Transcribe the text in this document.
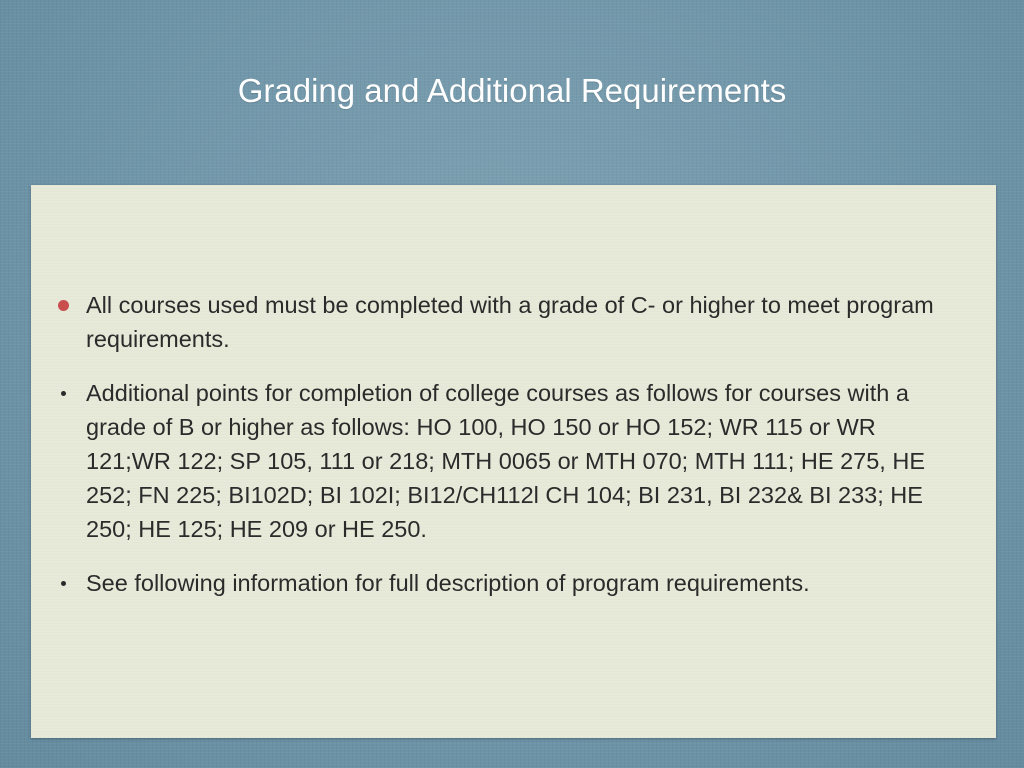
Grading and Additional Requirements
All courses used must be completed with a grade of C- or higher to meet program requirements.
Additional points for completion of college courses as follows for courses with a grade of B or higher as follows: HO 100, HO 150 or HO 152; WR 115 or WR 121;WR 122; SP 105, 111 or 218; MTH 0065 or MTH 070; MTH 111; HE 275, HE 252; FN 225; BI102D; BI 102I; BI12/CH112l CH 104; BI 231, BI 232& BI 233; HE 250; HE 125; HE 209 or HE 250.
See following information for full description of program requirements.
